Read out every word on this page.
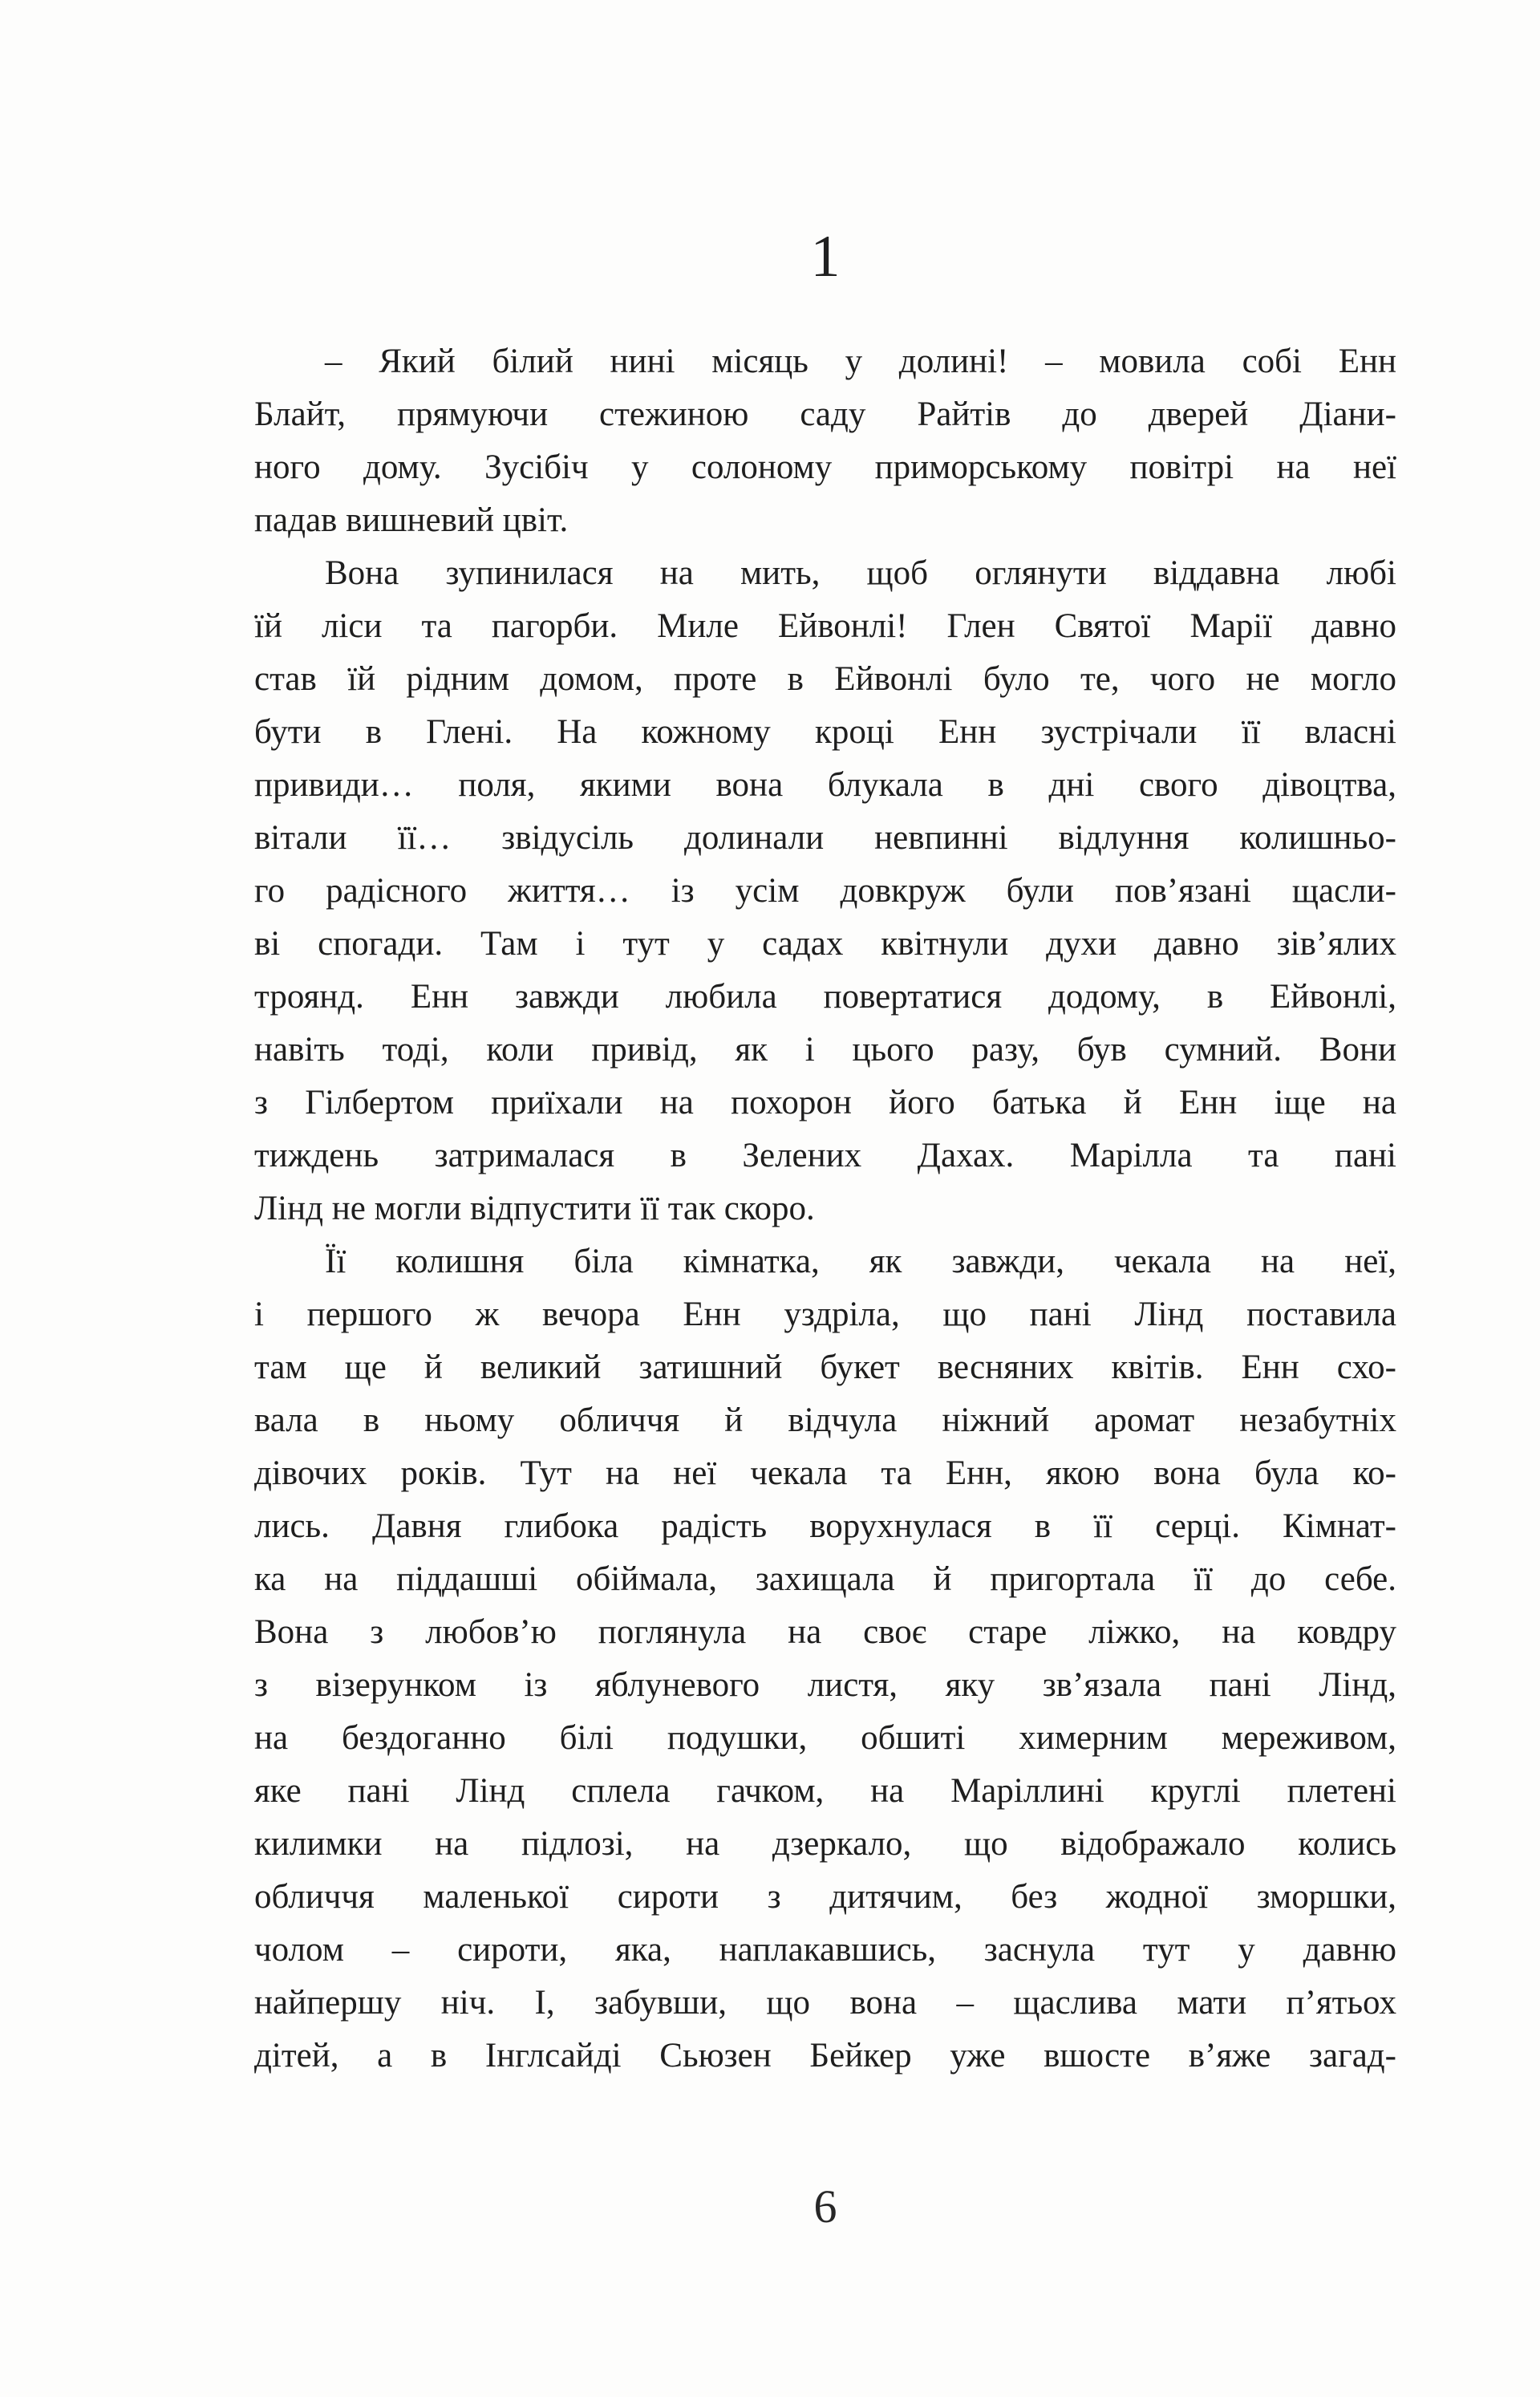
1
– Який білий нині місяць у долині! – мовила собі Енн
Блайт, прямуючи стежиною саду Райтів до дверей Діани-
ного дому. Зусібіч у солоному приморському повітрі на неї
падав вишневий цвіт.
Вона зупинилася на мить, щоб оглянути віддавна любі
їй ліси та пагорби. Миле Ейвонлі! Глен Святої Марії давно
став їй рідним домом, проте в Ейвонлі було те, чого не могло
бути в Глені. На кожному кроці Енн зустрічали її власні
привиди… поля, якими вона блукала в дні свого дівоцтва,
вітали її… звідусіль долинали невпинні відлуння колишньо-
го радісного життя… із усім довкруж були пов’язані щасли-
ві спогади. Там і тут у садах квітнули духи давно зів’ялих
троянд. Енн завжди любила повертатися додому, в Ейвонлі,
навіть тоді, коли привід, як і цього разу, був сумний. Вони
з Гілбертом приїхали на похорон його батька й Енн іще на
тиждень затрималася в Зелених Дахах. Марілла та пані
Лінд не могли відпустити її так скоро.
Її колишня біла кімнатка, як завжди, чекала на неї,
і першого ж вечора Енн уздріла, що пані Лінд поставила
там ще й великий затишний букет весняних квітів. Енн схо-
вала в ньому обличчя й відчула ніжний аромат незабутніх
дівочих років. Тут на неї чекала та Енн, якою вона була ко-
лись. Давня глибока радість ворухнулася в її серці. Кімнат-
ка на піддашші обіймала, захищала й пригортала її до себе.
Вона з любов’ю поглянула на своє старе ліжко, на ковдру
з візерунком із яблуневого листя, яку зв’язала пані Лінд,
на бездоганно білі подушки, обшиті химерним мереживом,
яке пані Лінд сплела гачком, на Маріллині круглі плетені
килимки на підлозі, на дзеркало, що відображало колись
обличчя маленької сироти з дитячим, без жодної зморшки,
чолом – сироти, яка, наплакавшись, заснула тут у давню
найпершу ніч. І, забувши, що вона – щаслива мати п’ятьох
дітей, а в Інглсайді Сьюзен Бейкер уже вшосте в’яже загад-
6
